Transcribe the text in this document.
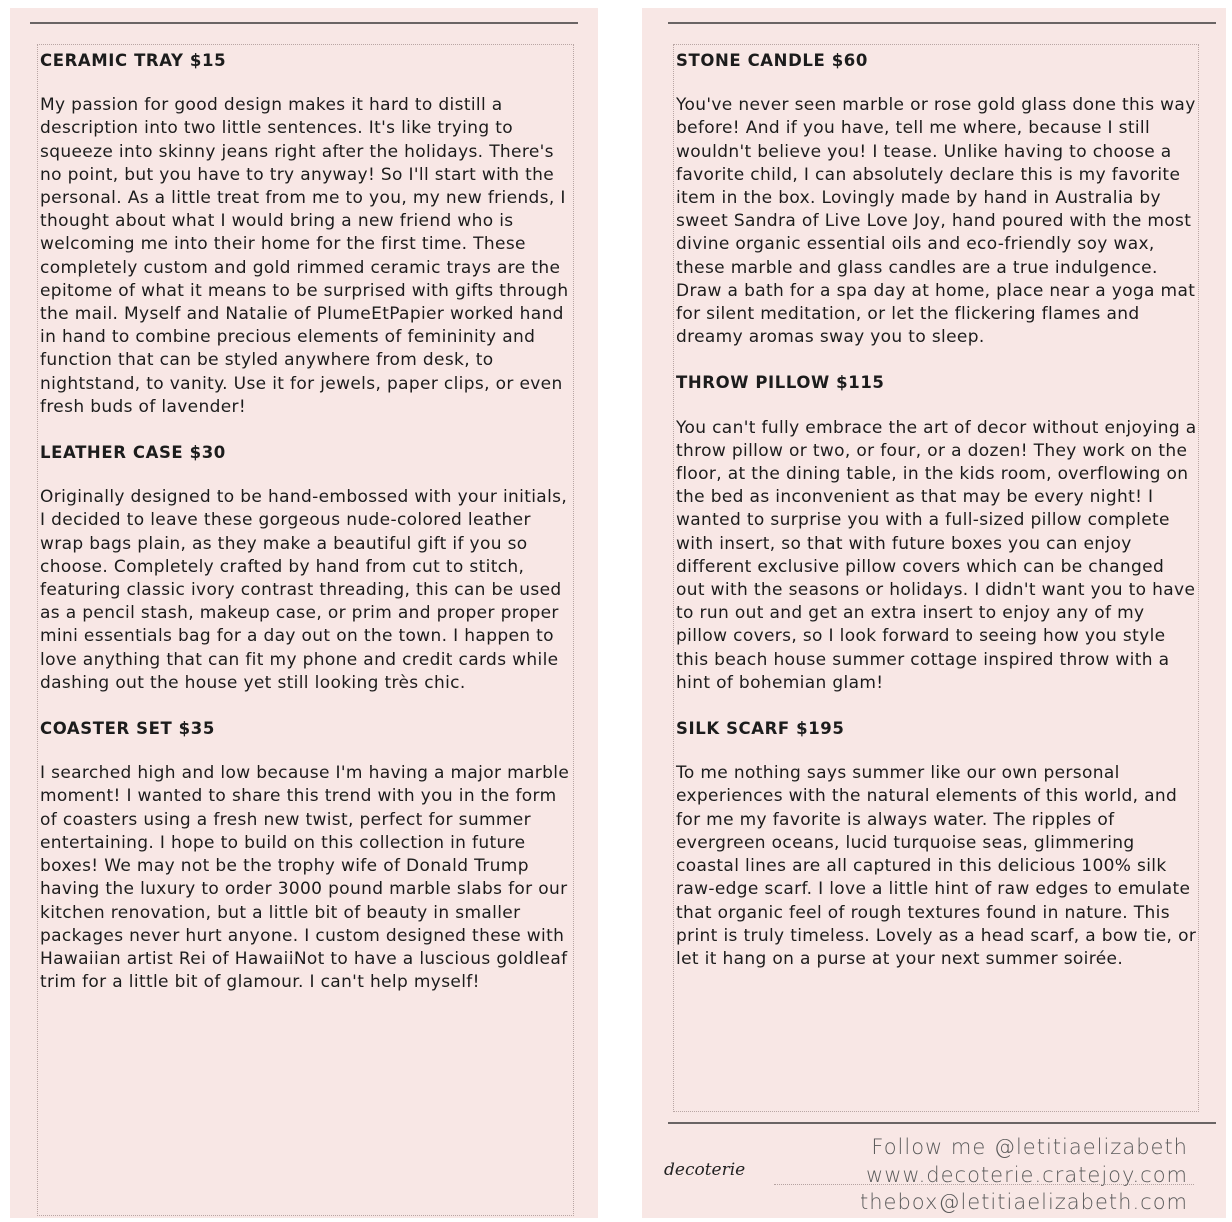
CERAMIC TRAY $15
My passion for good design makes it hard to distill a description into two little sentences. It's like trying to squeeze into skinny jeans right after the holidays. There's no point, but you have to try anyway! So I'll start with the personal. As a little treat from me to you, my new friends, I thought about what I would bring a new friend who is welcoming me into their home for the first time. These completely custom and gold rimmed ceramic trays are the epitome of what it means to be surprised with gifts through the mail. Myself and Natalie of PlumeEtPapier worked hand in hand to combine precious elements of femininity and function that can be styled anywhere from desk, to nightstand, to vanity. Use it for jewels, paper clips, or even fresh buds of lavender!
LEATHER CASE $30
Originally designed to be hand-embossed with your initials, I decided to leave these gorgeous nude-colored leather wrap bags plain, as they make a beautiful gift if you so choose. Completely crafted by hand from cut to stitch, featuring classic ivory contrast threading, this can be used as a pencil stash, makeup case, or prim and proper proper mini essentials bag for a day out on the town. I happen to love anything that can fit my phone and credit cards while dashing out the house yet still looking très chic.
COASTER SET $35
I searched high and low because I'm having a major marble moment! I wanted to share this trend with you in the form of coasters using a fresh new twist, perfect for summer entertaining. I hope to build on this collection in future boxes! We may not be the trophy wife of Donald Trump having the luxury to order 3000 pound marble slabs for our kitchen renovation, but a little bit of beauty in smaller packages never hurt anyone. I custom designed these with Hawaiian artist Rei of HawaiiNot to have a luscious goldleaf trim for a little bit of glamour. I can't help myself!
STONE CANDLE $60
You've never seen marble or rose gold glass done this way before! And if you have, tell me where, because I still wouldn't believe you! I tease. Unlike having to choose a favorite child, I can absolutely declare this is my favorite item in the box. Lovingly made by hand in Australia by sweet Sandra of Live Love Joy, hand poured with the most divine organic essential oils and eco-friendly soy wax, these marble and glass candles are a true indulgence. Draw a bath for a spa day at home, place near a yoga mat for silent meditation, or let the flickering flames and dreamy aromas sway you to sleep.
THROW PILLOW $115
You can't fully embrace the art of decor without enjoying a throw pillow or two, or four, or a dozen! They work on the floor, at the dining table, in the kids room, overflowing on the bed as inconvenient as that may be every night! I wanted to surprise you with a full-sized pillow complete with insert, so that with future boxes you can enjoy different exclusive pillow covers which can be changed out with the seasons or holidays. I didn't want you to have to run out and get an extra insert to enjoy any of my pillow covers, so I look forward to seeing how you style this beach house summer cottage inspired throw with a hint of bohemian glam!
SILK SCARF $195
To me nothing says summer like our own personal experiences with the natural elements of this world, and for me my favorite is always water. The ripples of evergreen oceans, lucid turquoise seas, glimmering coastal lines are all captured in this delicious 100% silk raw-edge scarf. I love a little hint of raw edges to emulate that organic feel of rough textures found in nature. This print is truly timeless. Lovely as a head scarf, a bow tie, or let it hang on a purse at your next summer soirée.
decoterie
Follow me @letitiaelizabeth
www.decoterie.cratejoy.com
thebox@letitiaelizabeth.com
